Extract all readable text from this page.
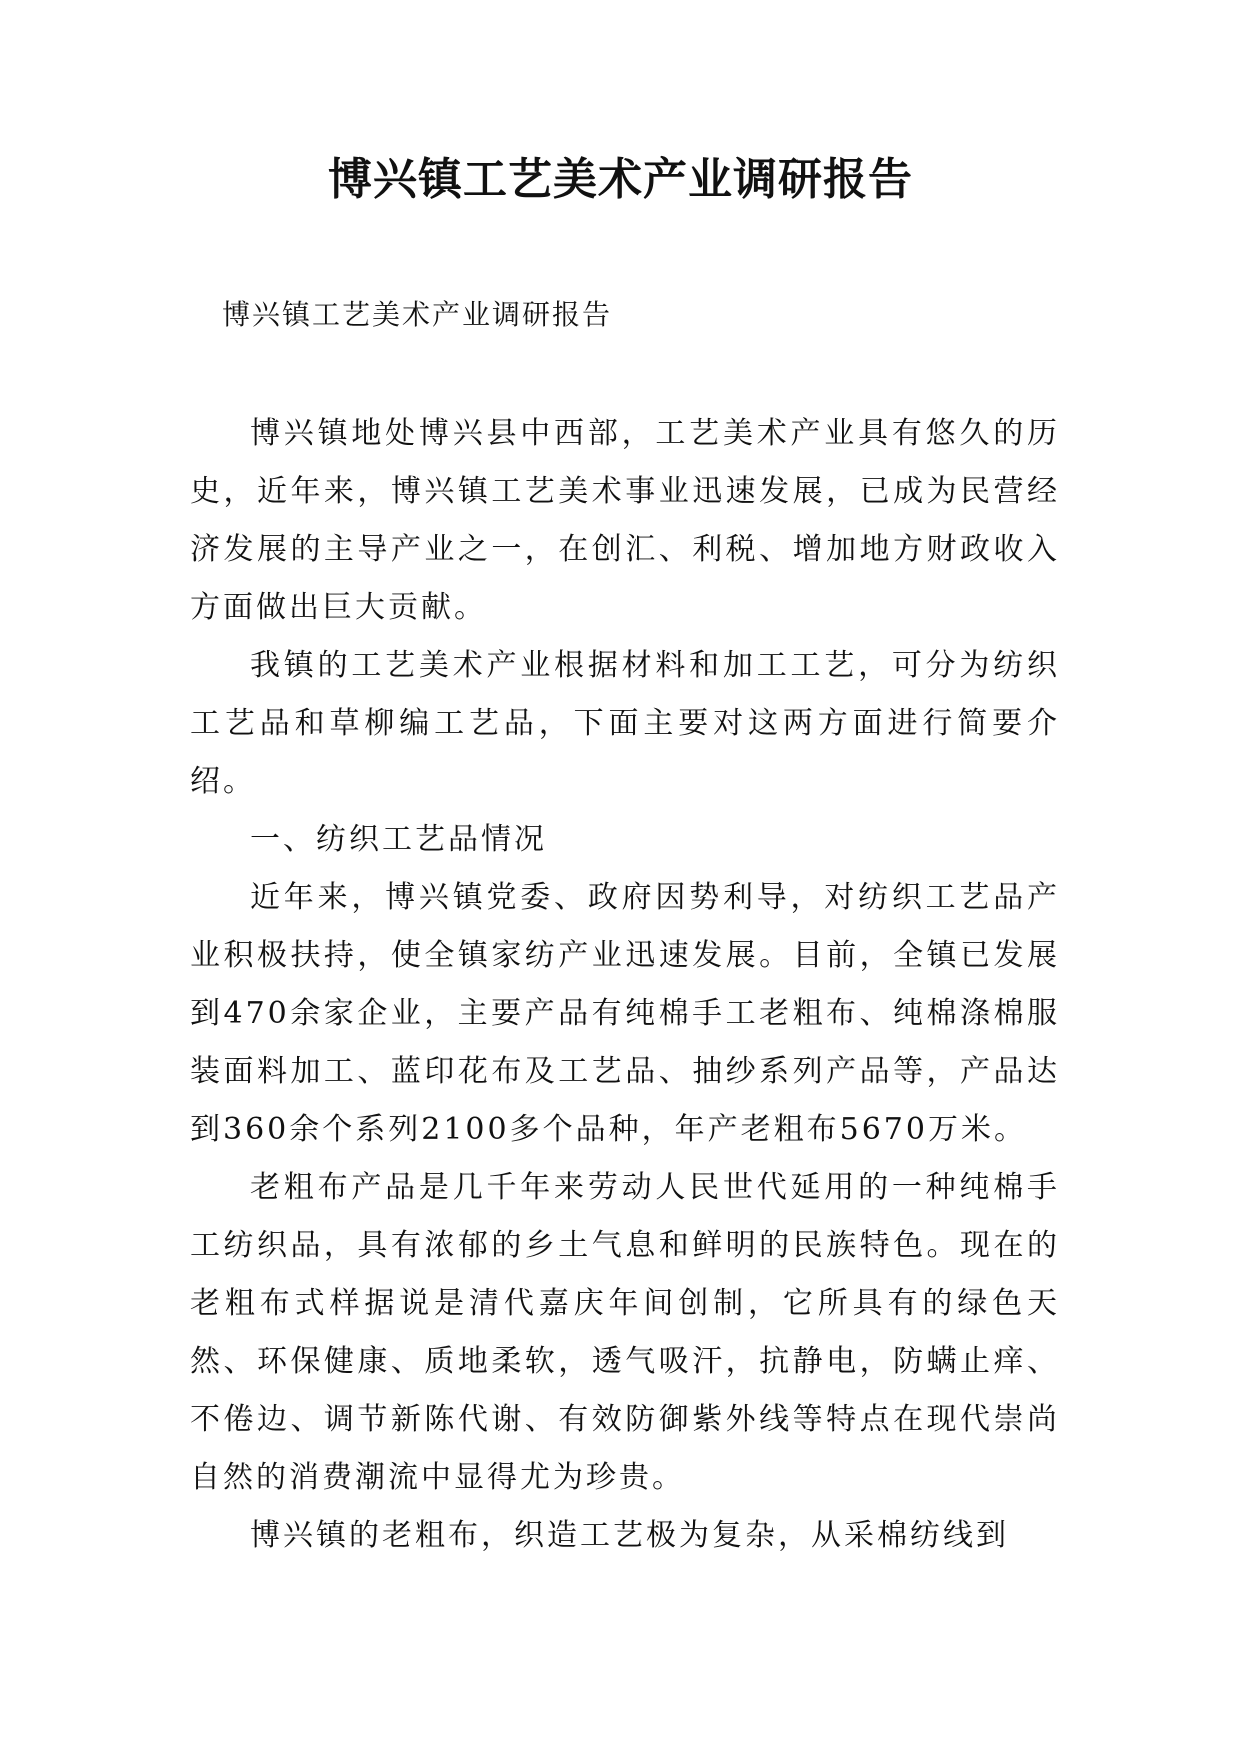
博兴镇工艺美术产业调研报告
博兴镇工艺美术产业调研报告

博兴镇地处博兴县中西部，工艺美术产业具有悠久的历史，近年来，博兴镇工艺美术事业迅速发展，已成为民营经济发展的主导产业之一，在创汇、利税、增加地方财政收入方面做出巨大贡献。

我镇的工艺美术产业根据材料和加工工艺，可分为纺织工艺品和草柳编工艺品，下面主要对这两方面进行简要介绍。

一、纺织工艺品情况

近年来，博兴镇党委、政府因势利导，对纺织工艺品产业积极扶持，使全镇家纺产业迅速发展。目前，全镇已发展到470余家企业，主要产品有纯棉手工老粗布、纯棉涤棉服装面料加工、蓝印花布及工艺品、抽纱系列产品等，产品达到360余个系列2100多个品种，年产老粗布5670万米。

老粗布产品是几千年来劳动人民世代延用的一种纯棉手工纺织品，具有浓郁的乡土气息和鲜明的民族特色。现在的老粗布式样据说是清代嘉庆年间创制，它所具有的绿色天然、环保健康、质地柔软，透气吸汗，抗静电，防螨止痒、不倦边、调节新陈代谢、有效防御紫外线等特点在现代崇尚自然的消费潮流中显得尤为珍贵。

博兴镇的老粗布，织造工艺极为复杂，从采棉纺线到
